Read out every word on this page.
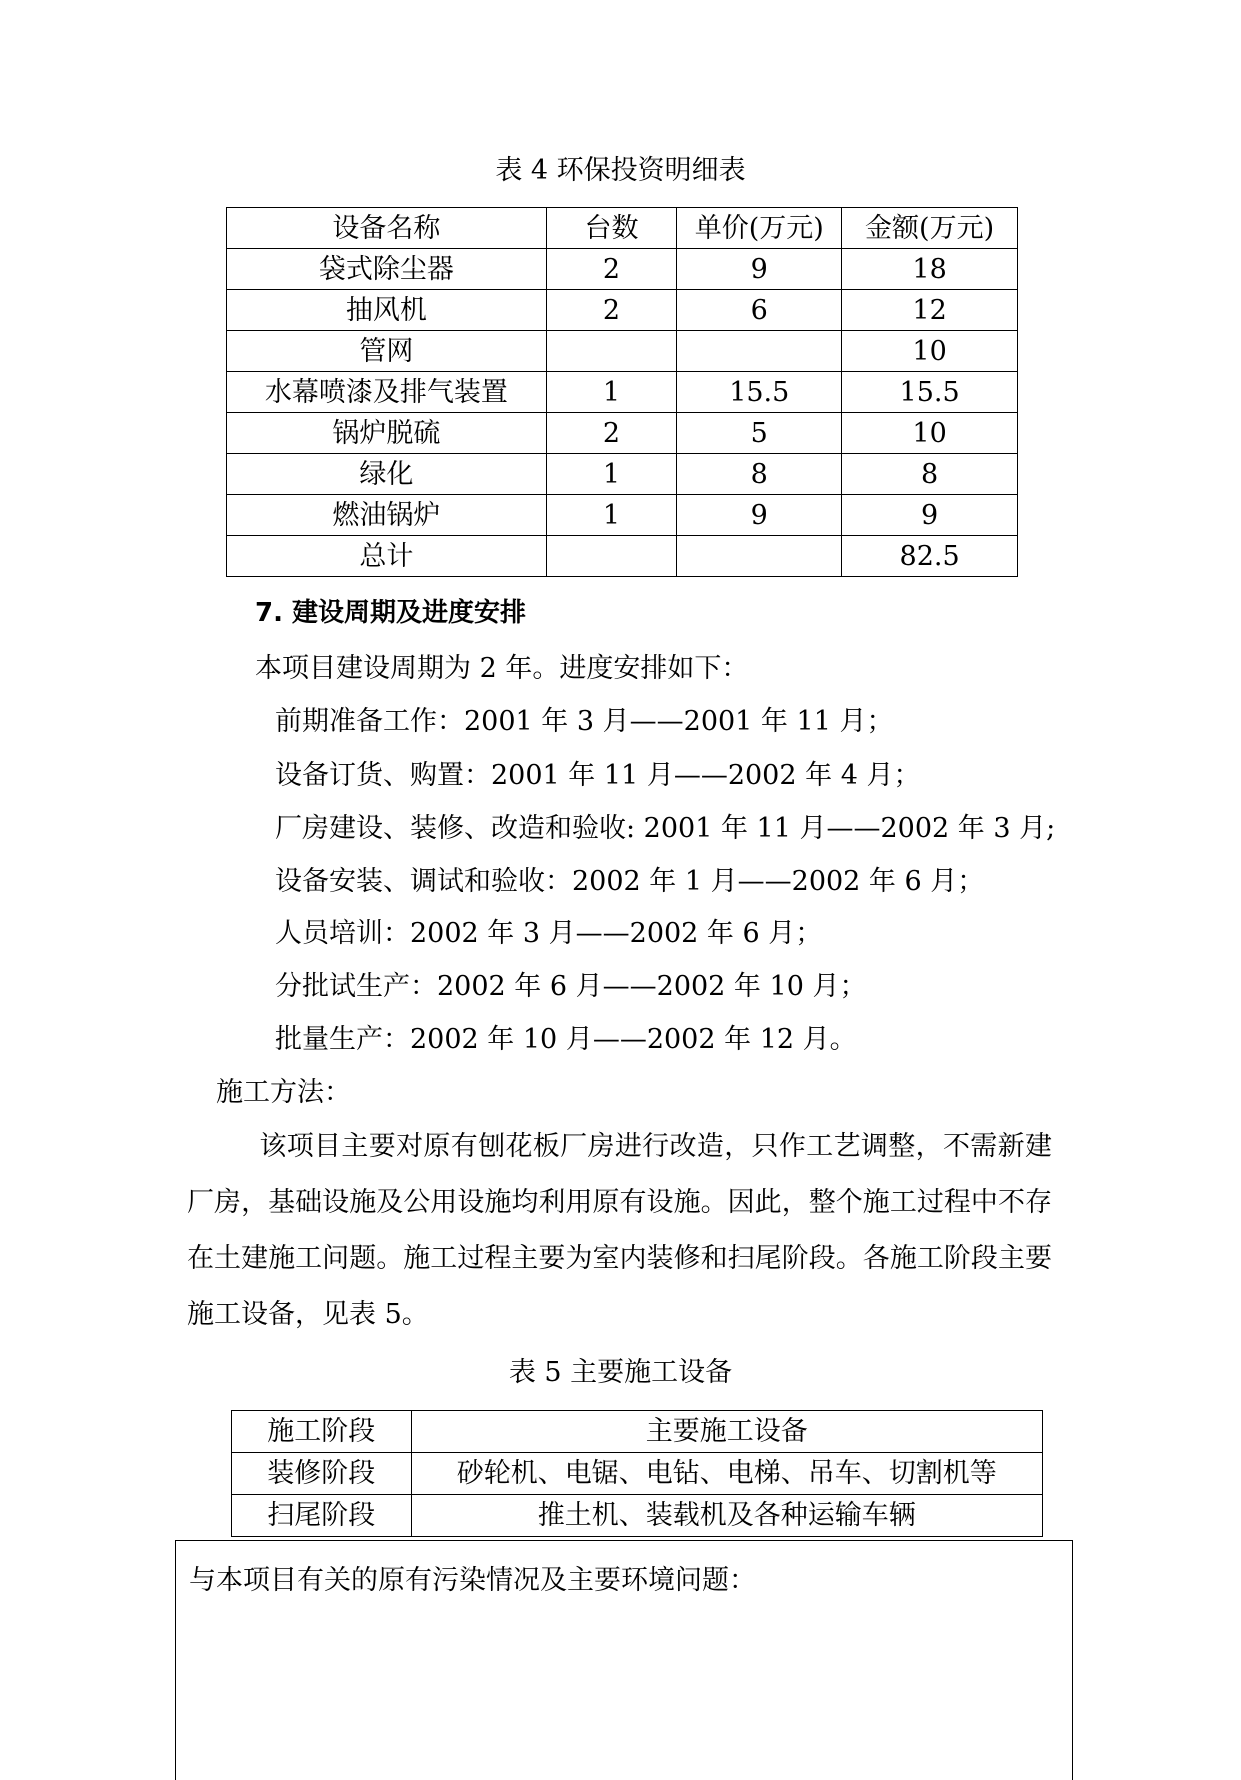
表 4 环保投资明细表
设备名称	台数	单价(万元)	金额(万元)
袋式除尘器	2	9	18
抽风机	2	6	12
管网			10
水幕喷漆及排气装置	1	15.5	15.5
锅炉脱硫	2	5	10
绿化	1	8	8
燃油锅炉	1	9	9
总计			82.5
7. 建设周期及进度安排
本项目建设周期为 2 年。进度安排如下：
前期准备工作：2001 年 3 月——2001 年 11 月；
设备订货、购置：2001 年 11 月——2002 年 4 月；
厂房建设、装修、改造和验收: 2001 年 11 月——2002 年 3 月;
设备安装、调试和验收：2002 年 1 月——2002 年 6 月；
人员培训：2002 年 3 月——2002 年 6 月；
分批试生产：2002 年 6 月——2002 年 10 月；
批量生产：2002 年 10 月——2002 年 12 月。
施工方法：
该项目主要对原有刨花板厂房进行改造，只作工艺调整，不需新建厂房，基础设施及公用设施均利用原有设施。因此，整个施工过程中不存在土建施工问题。施工过程主要为室内装修和扫尾阶段。各施工阶段主要施工设备，见表 5。
表 5 主要施工设备
施工阶段	主要施工设备
装修阶段	砂轮机、电锯、电钻、电梯、吊车、切割机等
扫尾阶段	推土机、装载机及各种运输车辆
与本项目有关的原有污染情况及主要环境问题：
